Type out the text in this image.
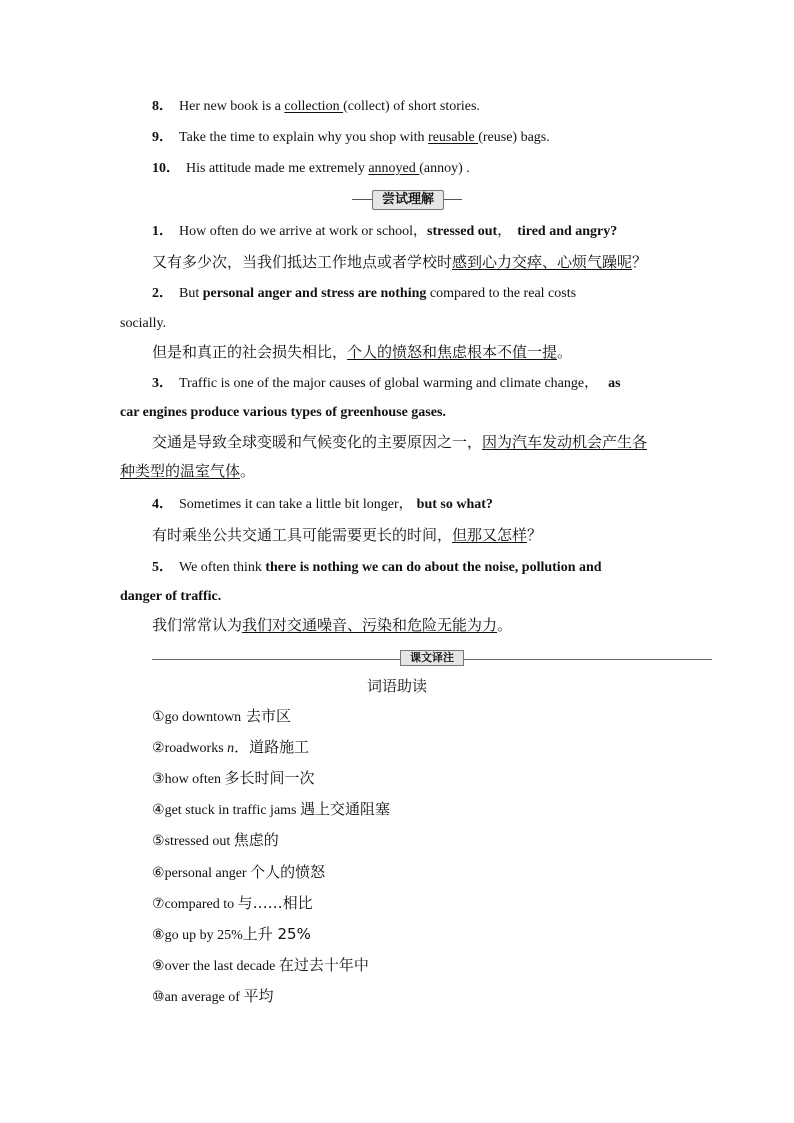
8． Her new book is a collection (collect) of short stories.
9． Take the time to explain why you shop with reusable (reuse) bags.
10． His attitude made me extremely annoyed (annoy) .
尝试理解
1． How often do we arrive at work or school，stressed out， tired and angry?
又有多少次，当我们抵达工作地点或者学校时感到心力交瘁、心烦气躁呢？
2． But personal anger and stress are nothing compared to the real costs
socially.
但是和真正的社会损失相比，个人的愤怒和焦虑根本不值一提。
3． Traffic is one of the major causes of global warming and climate change， as
car engines produce various types of greenhouse gases.
交通是导致全球变暖和气候变化的主要原因之一，因为汽车发动机会产生各
种类型的温室气体。
4． Sometimes it can take a little bit longer， but so what?
有时乘坐公共交通工具可能需要更长的时间，但那又怎样？
5． We often think there is nothing we can do about the noise, pollution and
danger of traffic.
我们常常认为我们对交通噪音、污染和危险无能为力。
课文译注
词语助读
①go downtown 去市区
②roadworks n．道路施工
③how often 多长时间一次
④get stuck in traffic jams 遇上交通阻塞
⑤stressed out 焦虑的
⑥personal anger 个人的愤怒
⑦compared to 与……相比
⑧go up by 25%上升 25%
⑨over the last decade 在过去十年中
⑩an average of 平均
